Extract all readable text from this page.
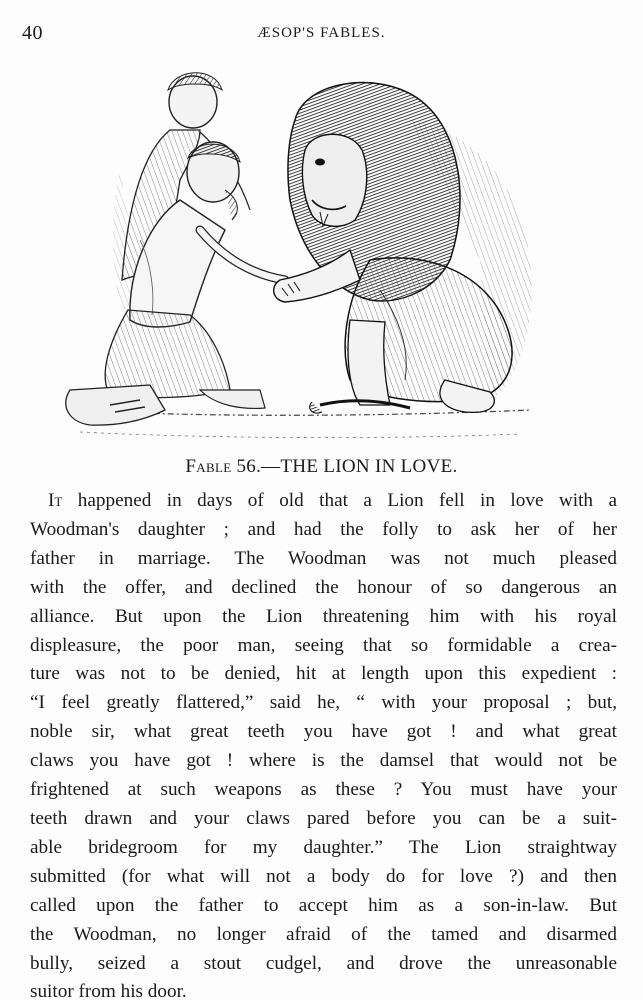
40	ÆSOP'S FABLES.
Fable 56.—THE LION IN LOVE.
It happened in days of old that a Lion fell in love with a
Woodman's daughter ; and had the folly to ask her of her
father in marriage. The Woodman was not much pleased
with the offer, and declined the honour of so dangerous an
alliance. But upon the Lion threatening him with his royal
displeasure, the poor man, seeing that so formidable a crea-
ture was not to be denied, hit at length upon this expedient :
“I feel greatly flattered,” said he, “ with your proposal ; but,
noble sir, what great teeth you have got ! and what great
claws you have got ! where is the damsel that would not be
frightened at such weapons as these ? You must have your
teeth drawn and your claws pared before you can be a suit-
able bridegroom for my daughter.” The Lion straightway
submitted (for what will not a body do for love ?) and then
called upon the father to accept him as a son-in-law. But
the Woodman, no longer afraid of the tamed and disarmed
bully, seized a stout cudgel, and drove the unreasonable
suitor from his door.
